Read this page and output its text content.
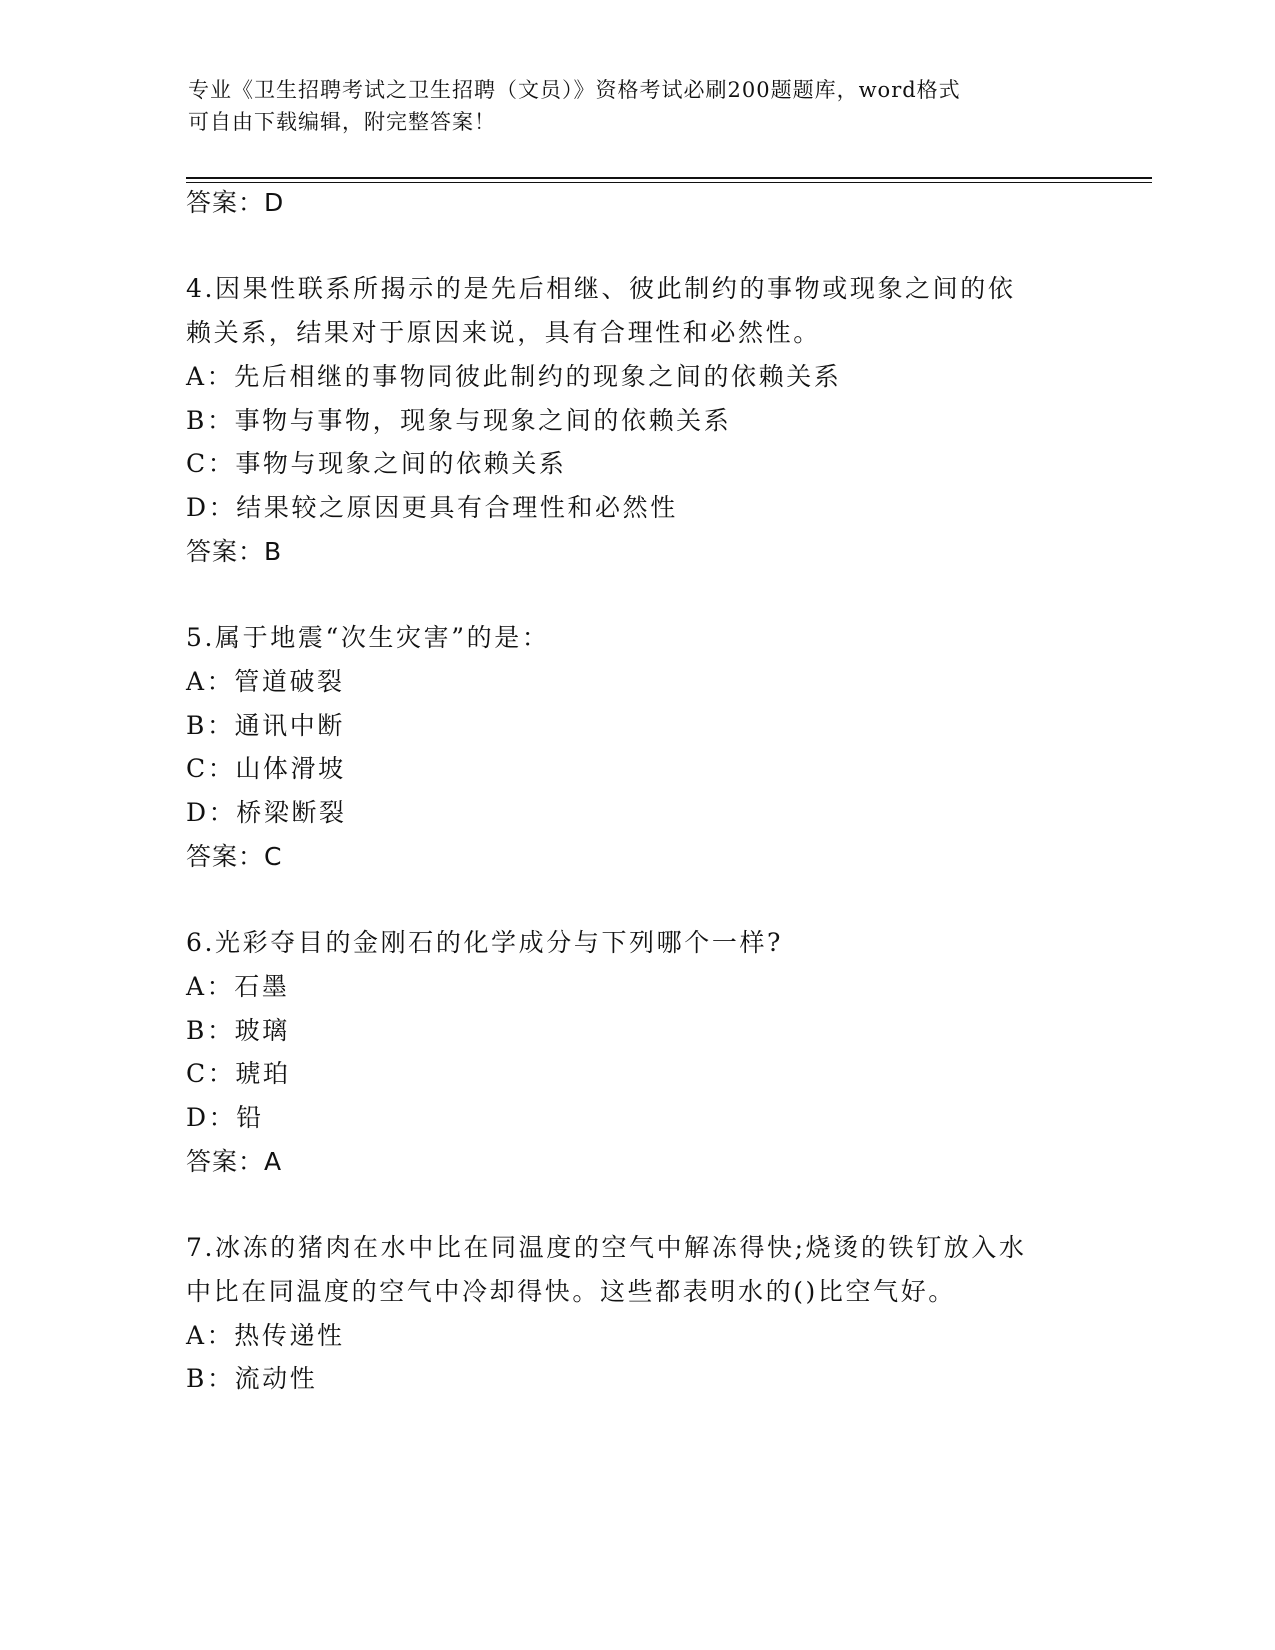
专业《卫生招聘考试之卫生招聘（文员）》资格考试必刷200题题库，word格式
可自由下载编辑，附完整答案！
答案：D
4.因果性联系所揭示的是先后相继、彼此制约的事物或现象之间的依
赖关系，结果对于原因来说，具有合理性和必然性。
A：先后相继的事物同彼此制约的现象之间的依赖关系
B：事物与事物，现象与现象之间的依赖关系
C：事物与现象之间的依赖关系
D：结果较之原因更具有合理性和必然性
答案：B
5.属于地震“次生灾害”的是：
A：管道破裂
B：通讯中断
C：山体滑坡
D：桥梁断裂
答案：C
6.光彩夺目的金刚石的化学成分与下列哪个一样?
A：石墨
B：玻璃
C：琥珀
D：铅
答案：A
7.冰冻的猪肉在水中比在同温度的空气中解冻得快;烧烫的铁钉放入水
中比在同温度的空气中冷却得快。这些都表明水的()比空气好。
A：热传递性
B：流动性
